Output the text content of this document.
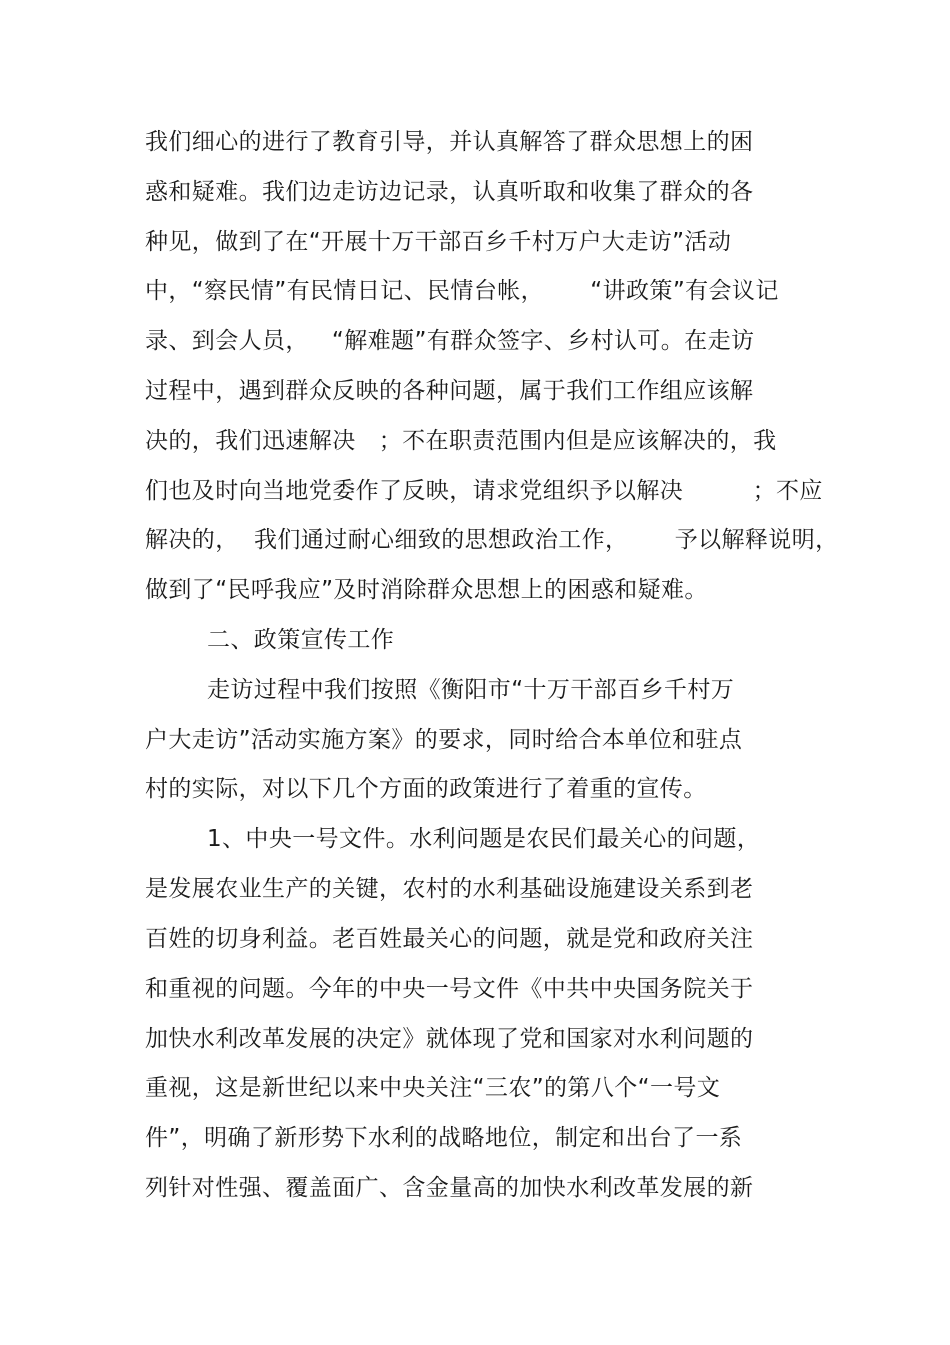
我们细心的进行了教育引导，并认真解答了群众思想上的困
惑和疑难。我们边走访边记录，认真听取和收集了群众的各
种见，做到了在“开展十万干部百乡千村万户大走访”活动
中，“察民情”有民情日记、民情台帐，      “讲政策”有会议记
录、到会人员，   “解难题”有群众签字、乡村认可。在走访
过程中，遇到群众反映的各种问题，属于我们工作组应该解
决的，我们迅速解决   ；不在职责范围内但是应该解决的，我
们也及时向当地党委作了反映，请求党组织予以解决         ；不应
解决的，  我们通过耐心细致的思想政治工作，      予以解释说明，
做到了“民呼我应”及时消除群众思想上的困惑和疑难。
二、政策宣传工作
走访过程中我们按照《衡阳市“十万干部百乡千村万
户大走访”活动实施方案》的要求，同时给合本单位和驻点
村的实际，对以下几个方面的政策进行了着重的宣传。
1、中央一号文件。水利问题是农民们最关心的问题，
是发展农业生产的关键，农村的水利基础设施建设关系到老
百姓的切身利益。老百姓最关心的问题，就是党和政府关注
和重视的问题。今年的中央一号文件《中共中央国务院关于
加快水利改革发展的决定》就体现了党和国家对水利问题的
重视，这是新世纪以来中央关注“三农”的第八个“一号文
件”，明确了新形势下水利的战略地位，制定和出台了一系
列针对性强、覆盖面广、含金量高的加快水利改革发展的新
